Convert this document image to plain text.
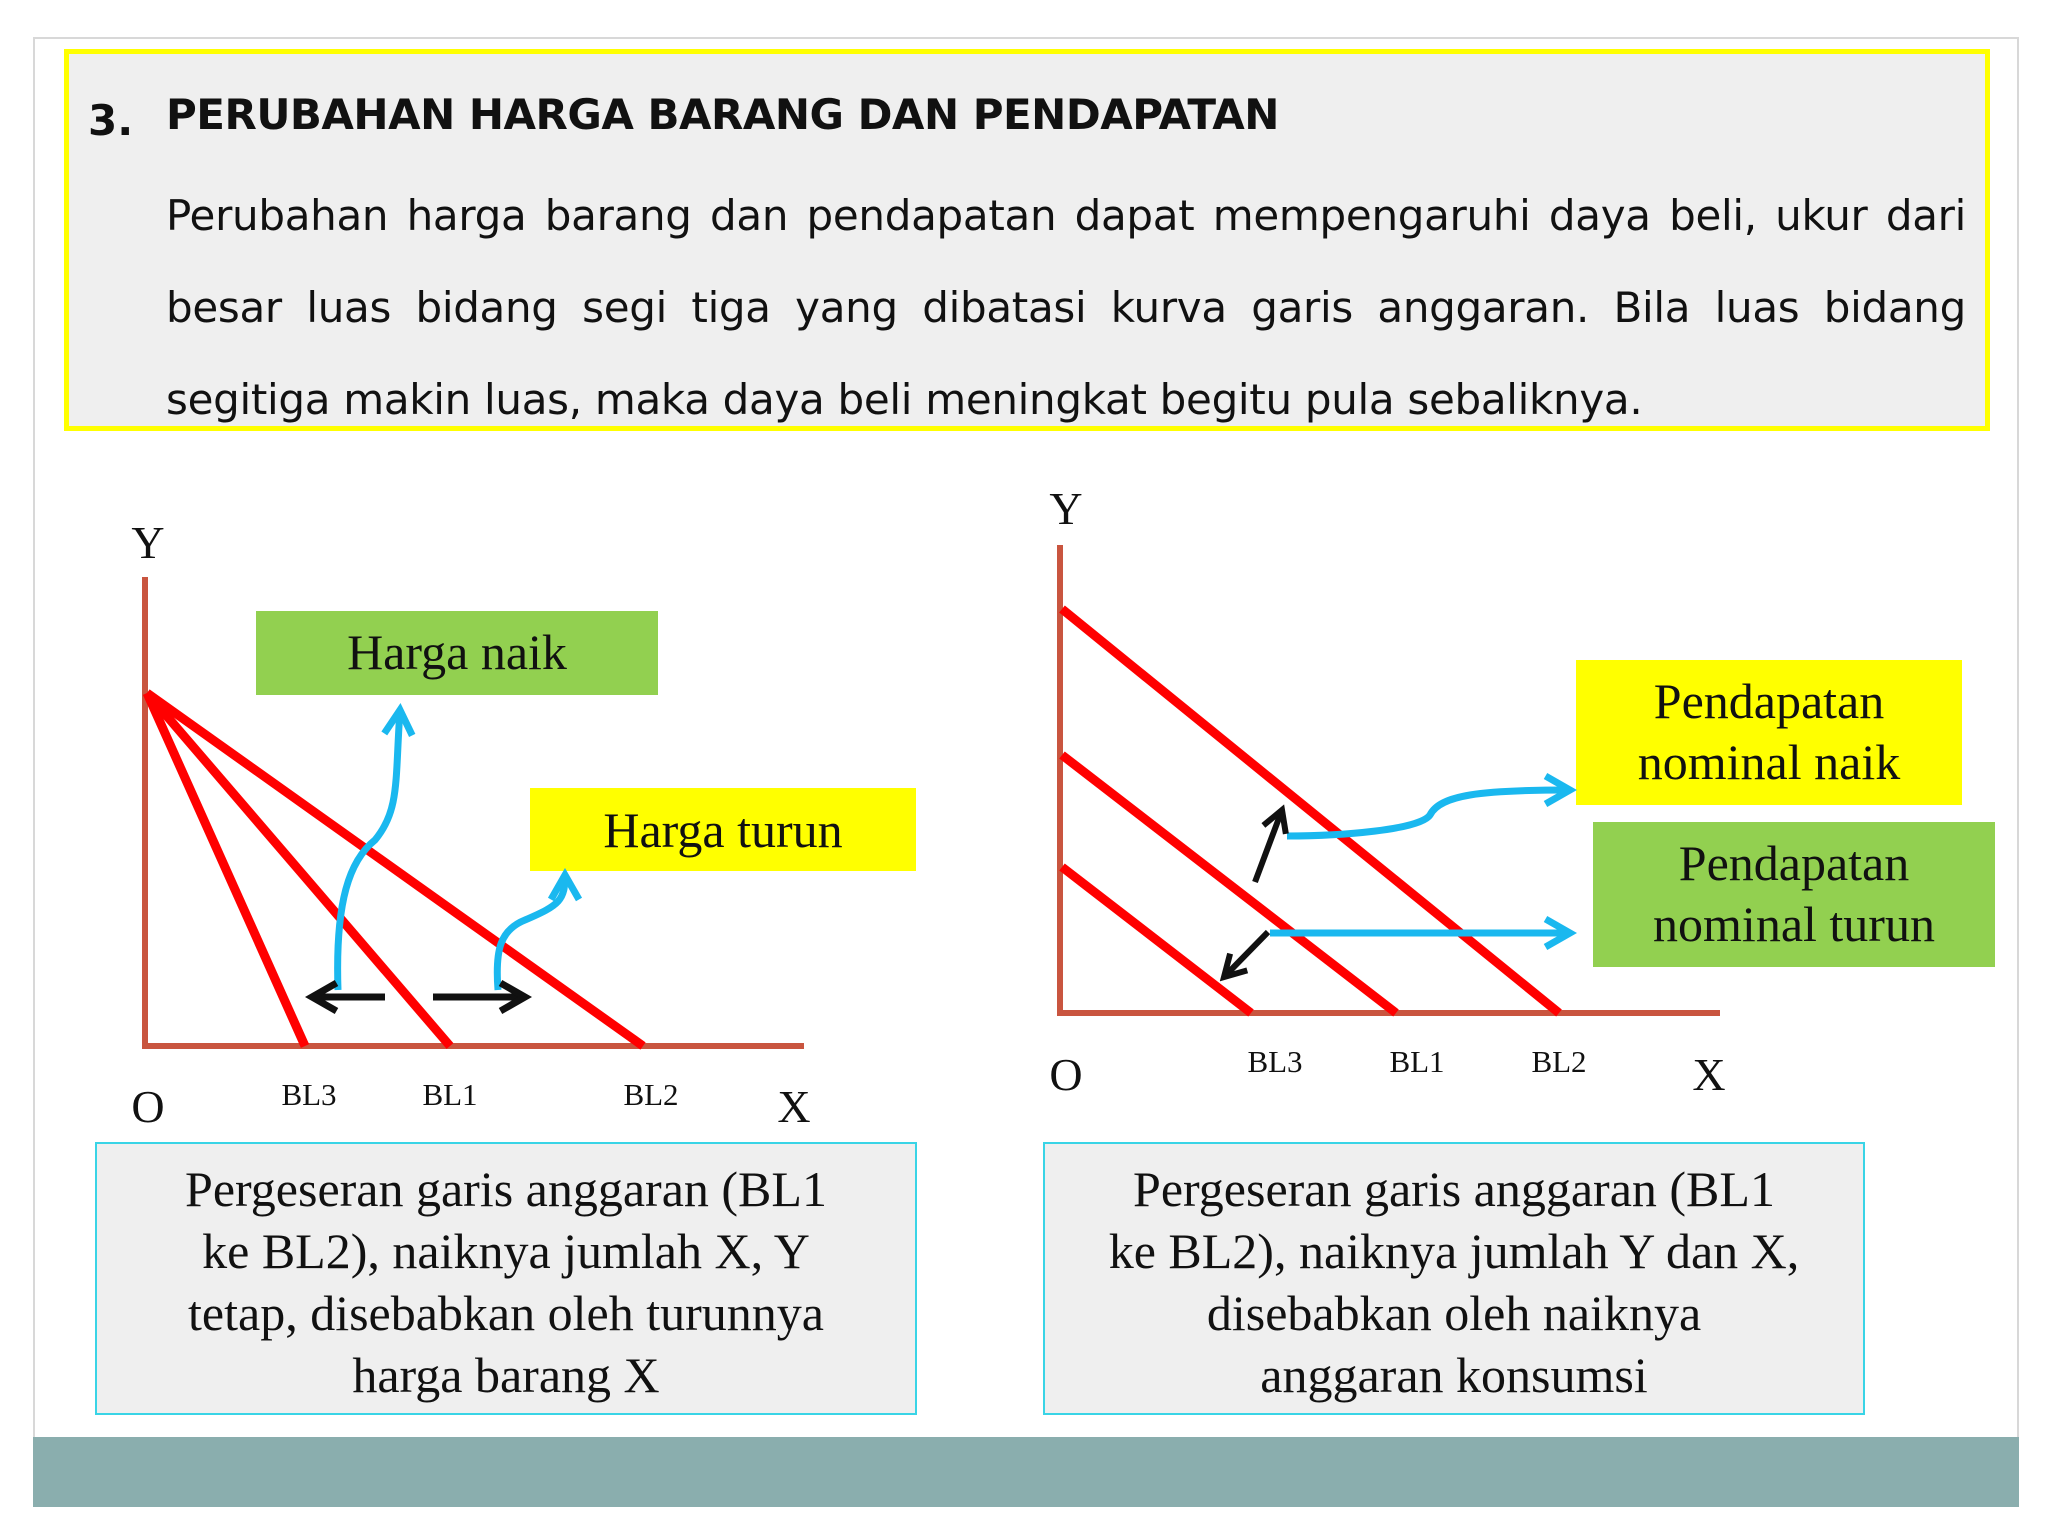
3. PERUBAHAN HARGA BARANG DAN PENDAPATAN

Perubahan harga barang dan pendapatan dapat mempengaruhi daya beli, ukur dari besar luas bidang segi tiga yang dibatasi kurva garis anggaran. Bila luas bidang segitiga makin luas, maka daya beli meningkat begitu pula sebaliknya.

Harga naik
Harga turun
Y
O	X
BL3	BL1	BL2
Pendapatan
nominal naik
Pendapatan
nominal turun
Y
O	X
BL3	BL1	BL2
Pergeseran garis anggaran (BL1
ke BL2), naiknya jumlah X, Y
tetap, disebabkan oleh turunnya
harga barang X
Pergeseran garis anggaran (BL1
ke BL2), naiknya jumlah Y dan X,
disebabkan oleh naiknya
anggaran konsumsi
